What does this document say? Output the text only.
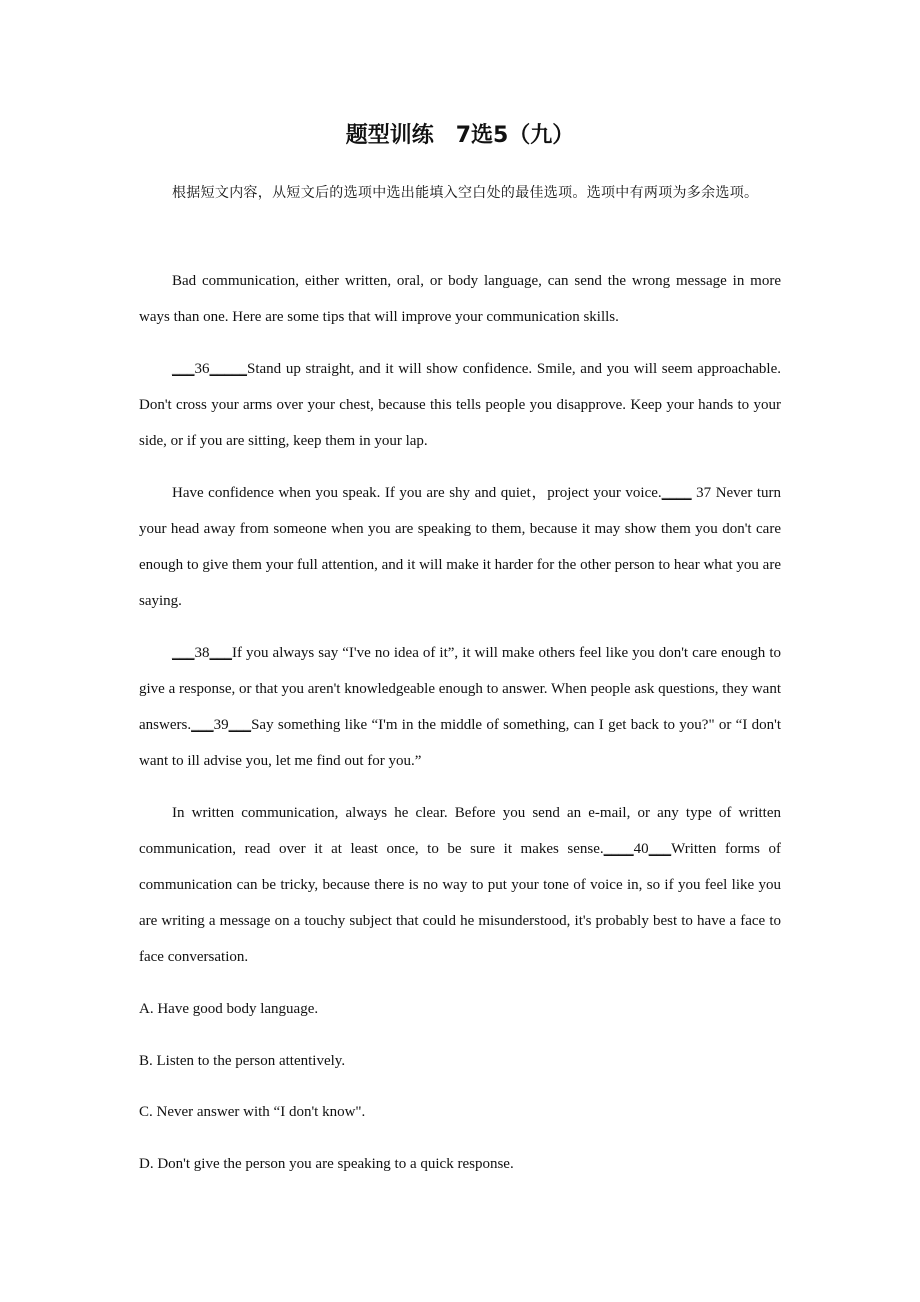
题型训练　7选5（九）

根据短文内容，从短文后的选项中选出能填入空白处的最佳选项。选项中有两项为多余选项。

Bad communication, either written, oral, or body language, can send the wrong message in more ways than one. Here are some tips that will improve your communication skills.

___36_____Stand up straight, and it will show confidence. Smile, and you will seem approachable. Don't cross your arms over your chest, because this tells people you disapprove. Keep your hands to your side, or if you are sitting, keep them in your lap.

Have confidence when you speak. If you are shy and quiet，project your voice.____ 37 Never turn your head away from someone when you are speaking to them, because it may show them you don't care enough to give them your full attention, and it will make it harder for the other person to hear what you are saying.

___38___If you always say “I've no idea of it”, it will make others feel like you don't care enough to give a response, or that you aren't knowledgeable enough to answer. When people ask questions, they want answers.___39___Say something like “I'm in the middle of something, can I get back to you?" or “I don't want to ill advise you, let me find out for you.”

In written communication, always he clear. Before you send an e-mail, or any type of written communication, read over it at least once, to be sure it makes sense.____40___Written forms of communication can be tricky, because there is no way to put your tone of voice in, so if you feel like you are writing a message on a touchy subject that could he misunderstood, it's probably best to have a face to face conversation.

A. Have good body language.

B. Listen to the person attentively.

C. Never answer with “I don't know".

D. Don't give the person you are speaking to a quick response.
